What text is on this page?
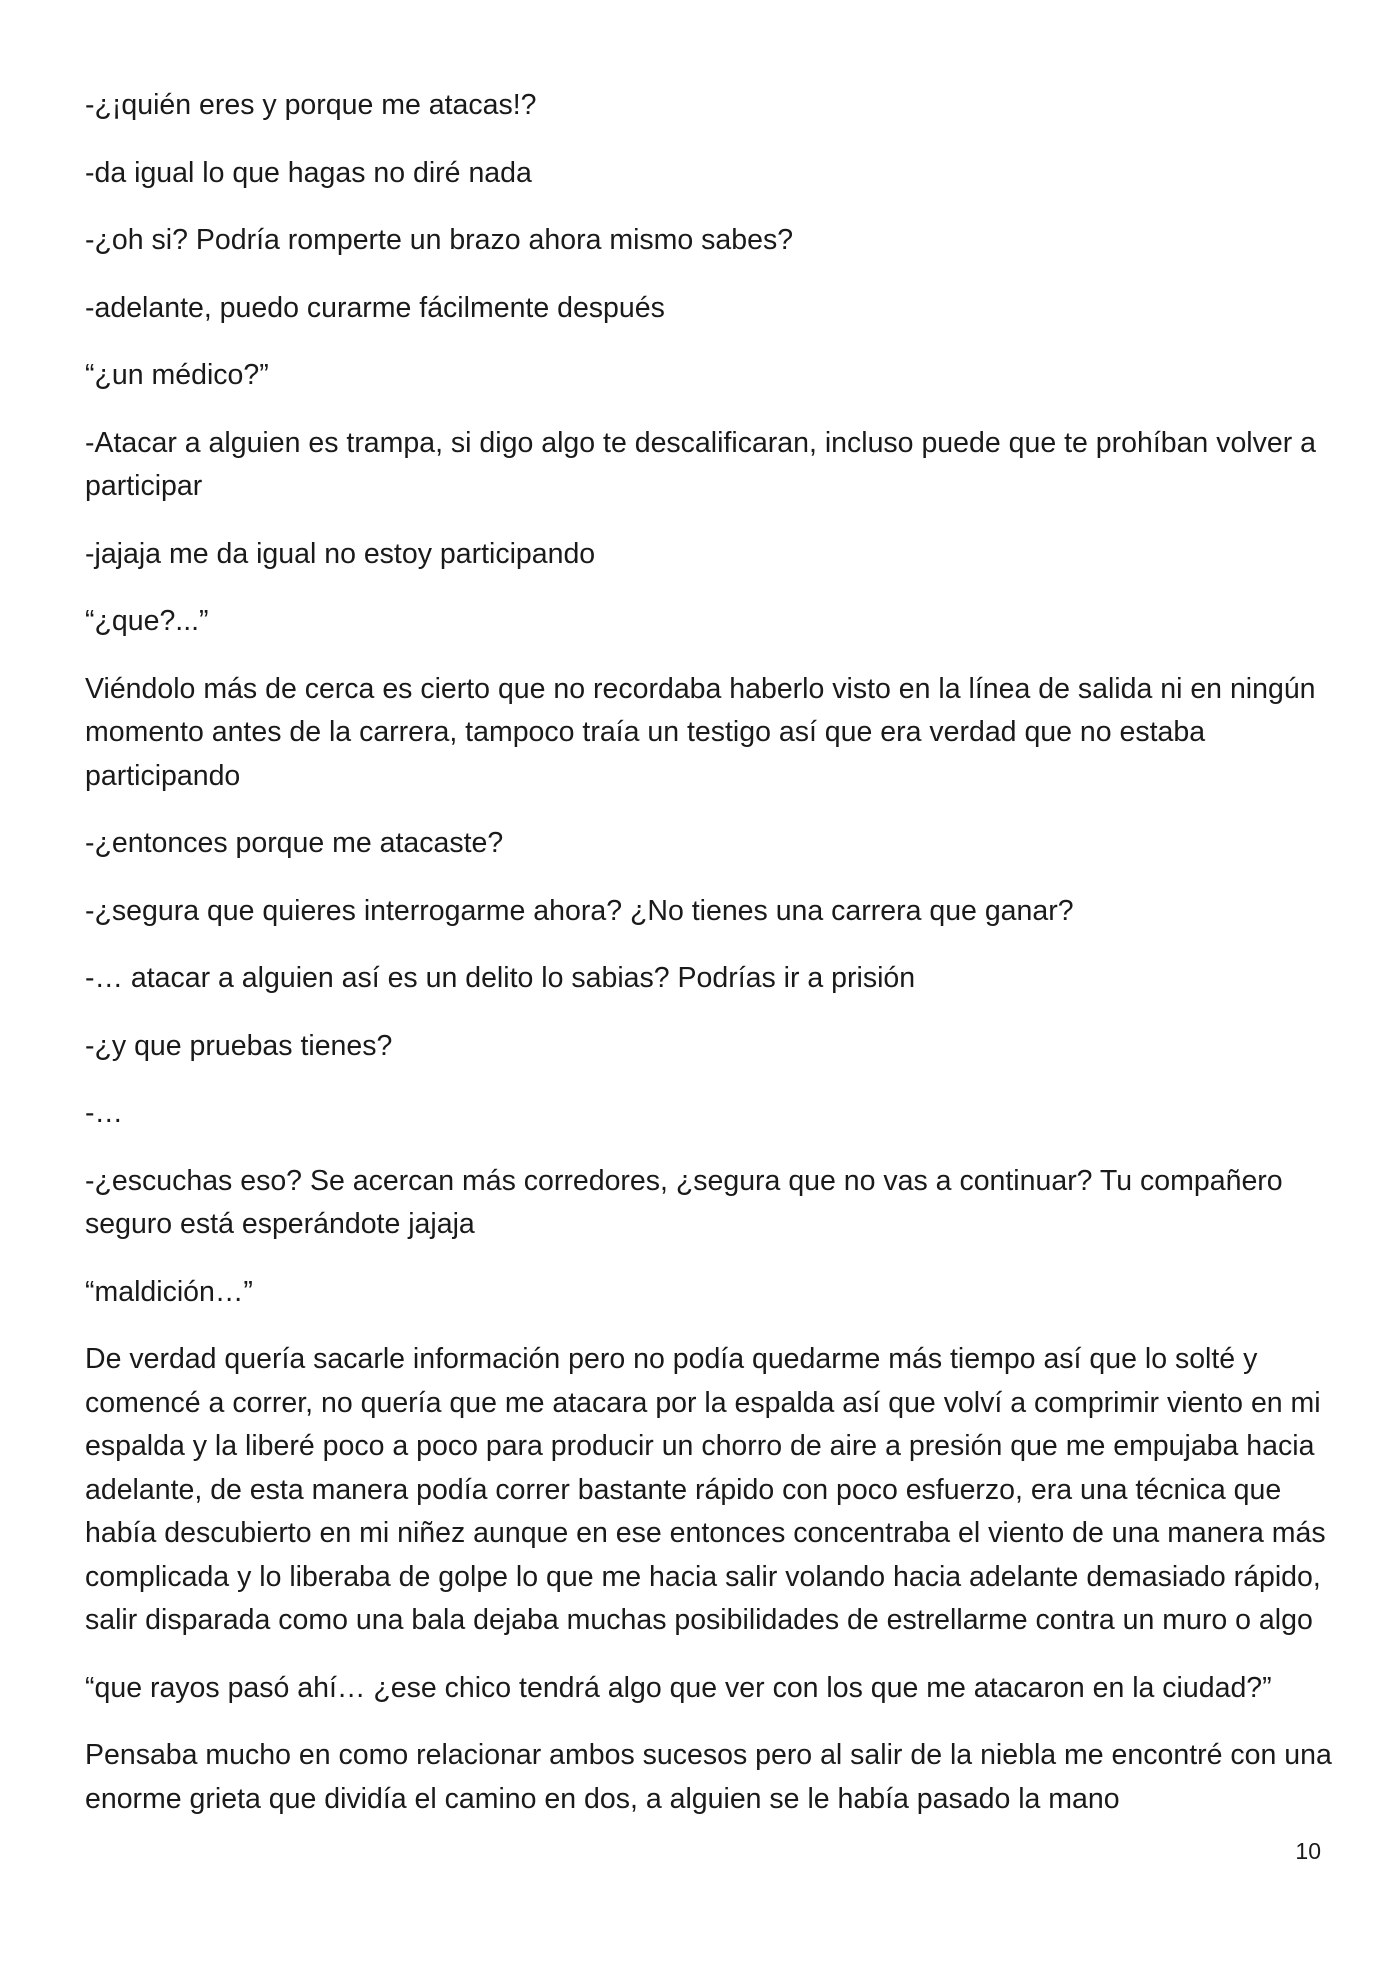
-¿¡quién eres y porque me atacas!?

-da igual lo que hagas no diré nada

-¿oh si? Podría romperte un brazo ahora mismo sabes?

-adelante, puedo curarme fácilmente después

“¿un médico?”

-Atacar a alguien es trampa, si digo algo te descalificaran, incluso puede que te prohíban volver a participar

-jajaja me da igual no estoy participando

“¿que?...”

Viéndolo más de cerca es cierto que no recordaba haberlo visto en la línea de salida ni en ningún momento antes de la carrera, tampoco traía un testigo así que era verdad que no estaba participando

-¿entonces porque me atacaste?

-¿segura que quieres interrogarme ahora? ¿No tienes una carrera que ganar?

-… atacar a alguien así es un delito lo sabias? Podrías ir a prisión

-¿y que pruebas tienes?

-…

-¿escuchas eso? Se acercan más corredores, ¿segura que no vas a continuar? Tu compañero seguro está esperándote jajaja

“maldición…”

De verdad quería sacarle información pero no podía quedarme más tiempo así que lo solté y comencé a correr, no quería que me atacara por la espalda así que volví a comprimir viento en mi espalda y la liberé poco a poco para producir un chorro de aire a presión que me empujaba hacia adelante, de esta manera podía correr bastante rápido con poco esfuerzo, era una técnica que había descubierto en mi niñez aunque en ese entonces concentraba el viento de una manera más complicada y lo liberaba de golpe lo que me hacia salir volando hacia adelante demasiado rápido, salir disparada como una bala dejaba muchas posibilidades de estrellarme contra un muro o algo

“que rayos pasó ahí… ¿ese chico tendrá algo que ver con los que me atacaron en la ciudad?”

Pensaba mucho en como relacionar ambos sucesos pero al salir de la niebla me encontré con una enorme grieta que dividía el camino en dos, a alguien se le había pasado la mano

10
